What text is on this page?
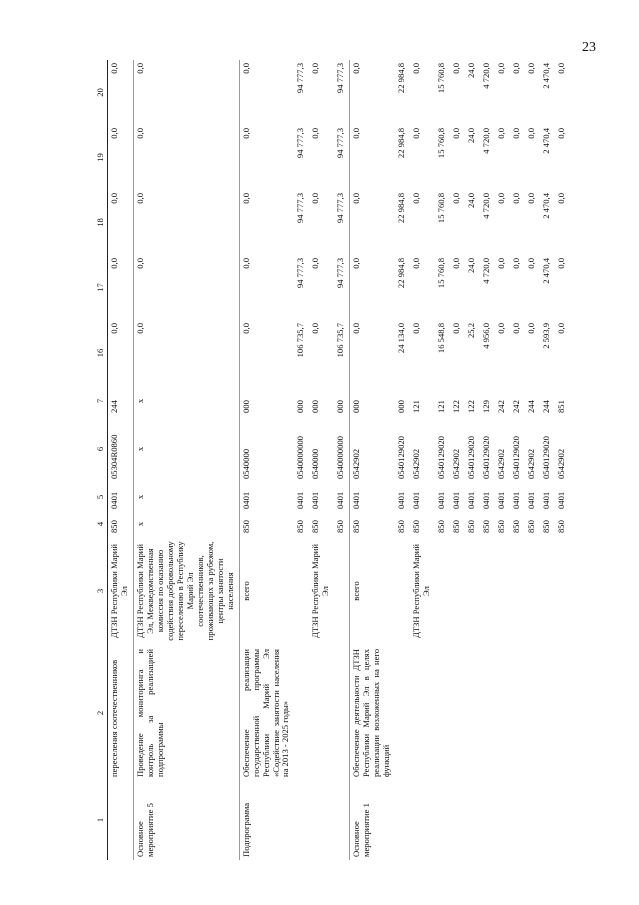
23
1	2	3	4	5	6	7	16	17	18	19	20
	переселения соотечественников	ДТЗН Республики Марий Эл	850	0401	05304R0860	244	0,0	0,0	0,0	0,0	0,0
Основное мероприятие 5	Проведение мониторинга и контроль за реализацией подпрограммы	ДТЗН Республики Марий Эл, Межведомственная комиссия по оказанию содействия добровольному переселению в Республику Марий Эл соотечественников, проживающих за рубежом, центры занятости населения	x	x	x	x	0,0	0,0	0,0	0,0	0,0
Подпрограмма	Обеспечение реализации государственной программы Республики Марий Эл «Содействие занятости населения на 2013 - 2025 годы»	всего	850	0401	0540000	000	0,0	0,0	0,0	0,0	0,0
			850	0401	0540000000	000	106 735,7	94 777,3	94 777,3	94 777,3	94 777,3
		ДТЗН Республики Марий Эл	850	0401	0540000	000	0,0	0,0	0,0	0,0	0,0
			850	0401	0540000000	000	106 735,7	94 777,3	94 777,3	94 777,3	94 777,3
Основное мероприятие 1	Обеспечение деятельности ДТЗН Республики Марий Эл в целях реализации возложенных на него функций	всего	850	0401	0542902	000	0,0	0,0	0,0	0,0	0,0
			850	0401	0540129020	000	24 134,0	22 984,8	22 984,8	22 984,8	22 984,8
		ДТЗН Республики Марий Эл	850	0401	0542902	121	0,0	0,0	0,0	0,0	0,0
			850	0401	0540129020	121	16 548,8	15 760,8	15 760,8	15 760,8	15 760,8
			850	0401	0542902	122	0,0	0,0	0,0	0,0	0,0
			850	0401	0540129020	122	25,2	24,0	24,0	24,0	24,0
			850	0401	0540129020	129	4 956,0	4 720,0	4 720,0	4 720,0	4 720,0
			850	0401	0542902	242	0,0	0,0	0,0	0,0	0,0
			850	0401	0540129020	242	0,0	0,0	0,0	0,0	0,0
			850	0401	0542902	244	0,0	0,0	0,0	0,0	0,0
			850	0401	0540129020	244	2 593,9	2 470,4	2 470,4	2 470,4	2 470,4
			850	0401	0542902	851	0,0	0,0	0,0	0,0	0,0
